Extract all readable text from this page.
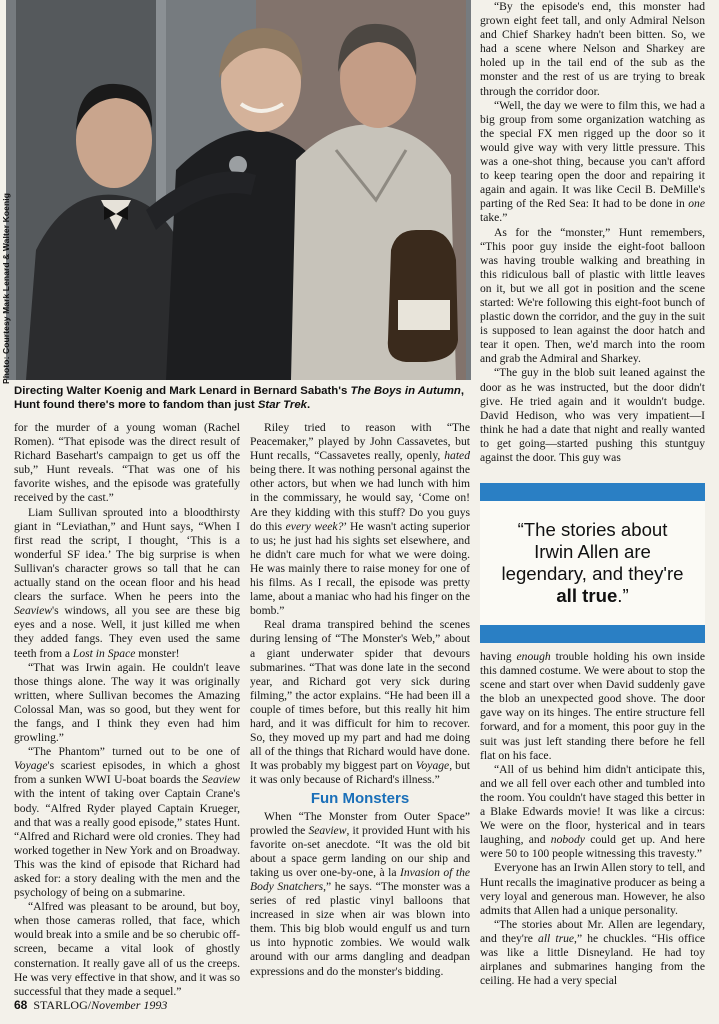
Photo: Courtesy Mark Lenard & Walter Koenig
Directing Walter Koenig and Mark Lenard in Bernard Sabath's The Boys in Autumn, Hunt found there's more to fandom than just Star Trek.

for the murder of a young woman (Rachel Romen). “That episode was the direct result of Richard Basehart's campaign to get us off the sub,” Hunt reveals. “That was one of his favorite wishes, and the episode was gratefully received by the cast.”

Liam Sullivan sprouted into a bloodthirsty giant in “Leviathan,” and Hunt says, “When I first read the script, I thought, ‘This is a wonderful SF idea.’ The big surprise is when Sullivan's character grows so tall that he can actually stand on the ocean floor and his head clears the surface. When he peers into the Seaview's windows, all you see are these big eyes and a nose. Well, it just killed me when they added fangs. They even used the same teeth from a Lost in Space monster!

“That was Irwin again. He couldn't leave those things alone. The way it was originally written, where Sullivan becomes the Amazing Colossal Man, was so good, but they went for the fangs, and I think they even had him growling.”

“The Phantom” turned out to be one of Voyage's scariest episodes, in which a ghost from a sunken WWI U-boat boards the Seaview with the intent of taking over Captain Crane's body. “Alfred Ryder played Captain Krueger, and that was a really good episode,” states Hunt. “Alfred and Richard were old cronies. They had worked together in New York and on Broadway. This was the kind of episode that Richard had asked for: a story dealing with the men and the psychology of being on a submarine.

“Alfred was pleasant to be around, but boy, when those cameras rolled, that face, which would break into a smile and be so cherubic off-screen, became a vital look of ghostly consternation. It really gave all of us the creeps. He was very effective in that show, and it was so successful that they made a sequel.”

Riley tried to reason with “The Peacemaker,” played by John Cassavetes, but Hunt recalls, “Cassavetes really, openly, hated being there. It was nothing personal against the other actors, but when we had lunch with him in the commissary, he would say, ‘Come on! Are they kidding with this stuff? Do you guys do this every week?’ He wasn't acting superior to us; he just had his sights set elsewhere, and he didn't care much for what we were doing. He was mainly there to raise money for one of his films. As I recall, the episode was pretty lame, about a maniac who had his finger on the bomb.”

Real drama transpired behind the scenes during lensing of “The Monster's Web,” about a giant underwater spider that devours submarines. “That was done late in the second year, and Richard got very sick during filming,” the actor explains. “He had been ill a couple of times before, but this really hit him hard, and it was difficult for him to recover. So, they moved up my part and had me doing all of the things that Richard would have done. It was probably my biggest part on Voyage, but it was only because of Richard's illness.”

Fun Monsters

When “The Monster from Outer Space” prowled the Seaview, it provided Hunt with his favorite on-set anecdote. “It was the old bit about a space germ landing on our ship and taking us over one-by-one, à la Invasion of the Body Snatchers,” he says. “The monster was a series of red plastic vinyl balloons that increased in size when air was blown into them. This big blob would engulf us and turn us into hypnotic zombies. We would walk around with our arms dangling and deadpan expressions and do the monster's bidding.

“By the episode's end, this monster had grown eight feet tall, and only Admiral Nelson and Chief Sharkey hadn't been bitten. So, we had a scene where Nelson and Sharkey are holed up in the tail end of the sub as the monster and the rest of us are trying to break through the corridor door.

“Well, the day we were to film this, we had a big group from some organization watching as the special FX men rigged up the door so it would give way with very little pressure. This was a one-shot thing, because you can't afford to keep tearing open the door and repairing it again and again. It was like Cecil B. DeMille's parting of the Red Sea: It had to be done in one take.”

As for the “monster,” Hunt remembers, “This poor guy inside the eight-foot balloon was having trouble walking and breathing in this ridiculous ball of plastic with little leaves on it, but we all got in position and the scene started: We're following this eight-foot bunch of plastic down the corridor, and the guy in the suit is supposed to lean against the door hatch and tear it open. Then, we'd march into the room and grab the Admiral and Sharkey.

“The guy in the blob suit leaned against the door as he was instructed, but the door didn't give. He tried again and it wouldn't budge. David Hedison, who was very impatient—I think he had a date that night and really wanted to get going—started pushing this stuntguy against the door. This guy was

“The stories about
Irwin Allen are
legendary, and they're
all true.”

having enough trouble holding his own inside this damned costume. We were about to stop the scene and start over when David suddenly gave the blob an unexpected good shove. The door gave way on its hinges. The entire structure fell forward, and for a moment, this poor guy in the suit was just left standing there before he fell flat on his face.

“All of us behind him didn't anticipate this, and we all fell over each other and tumbled into the room. You couldn't have staged this better in a Blake Edwards movie! It was like a circus: We were on the floor, hysterical and in tears laughing, and nobody could get up. And here were 50 to 100 people witnessing this travesty.”

Everyone has an Irwin Allen story to tell, and Hunt recalls the imaginative producer as being a very loyal and generous man. However, he also admits that Allen had a unique personality.

“The stories about Mr. Allen are legendary, and they're all true,” he chuckles. “His office was like a little Disneyland. He had toy airplanes and submarines hanging from the ceiling. He had a very special

68 STARLOG/November 1993
